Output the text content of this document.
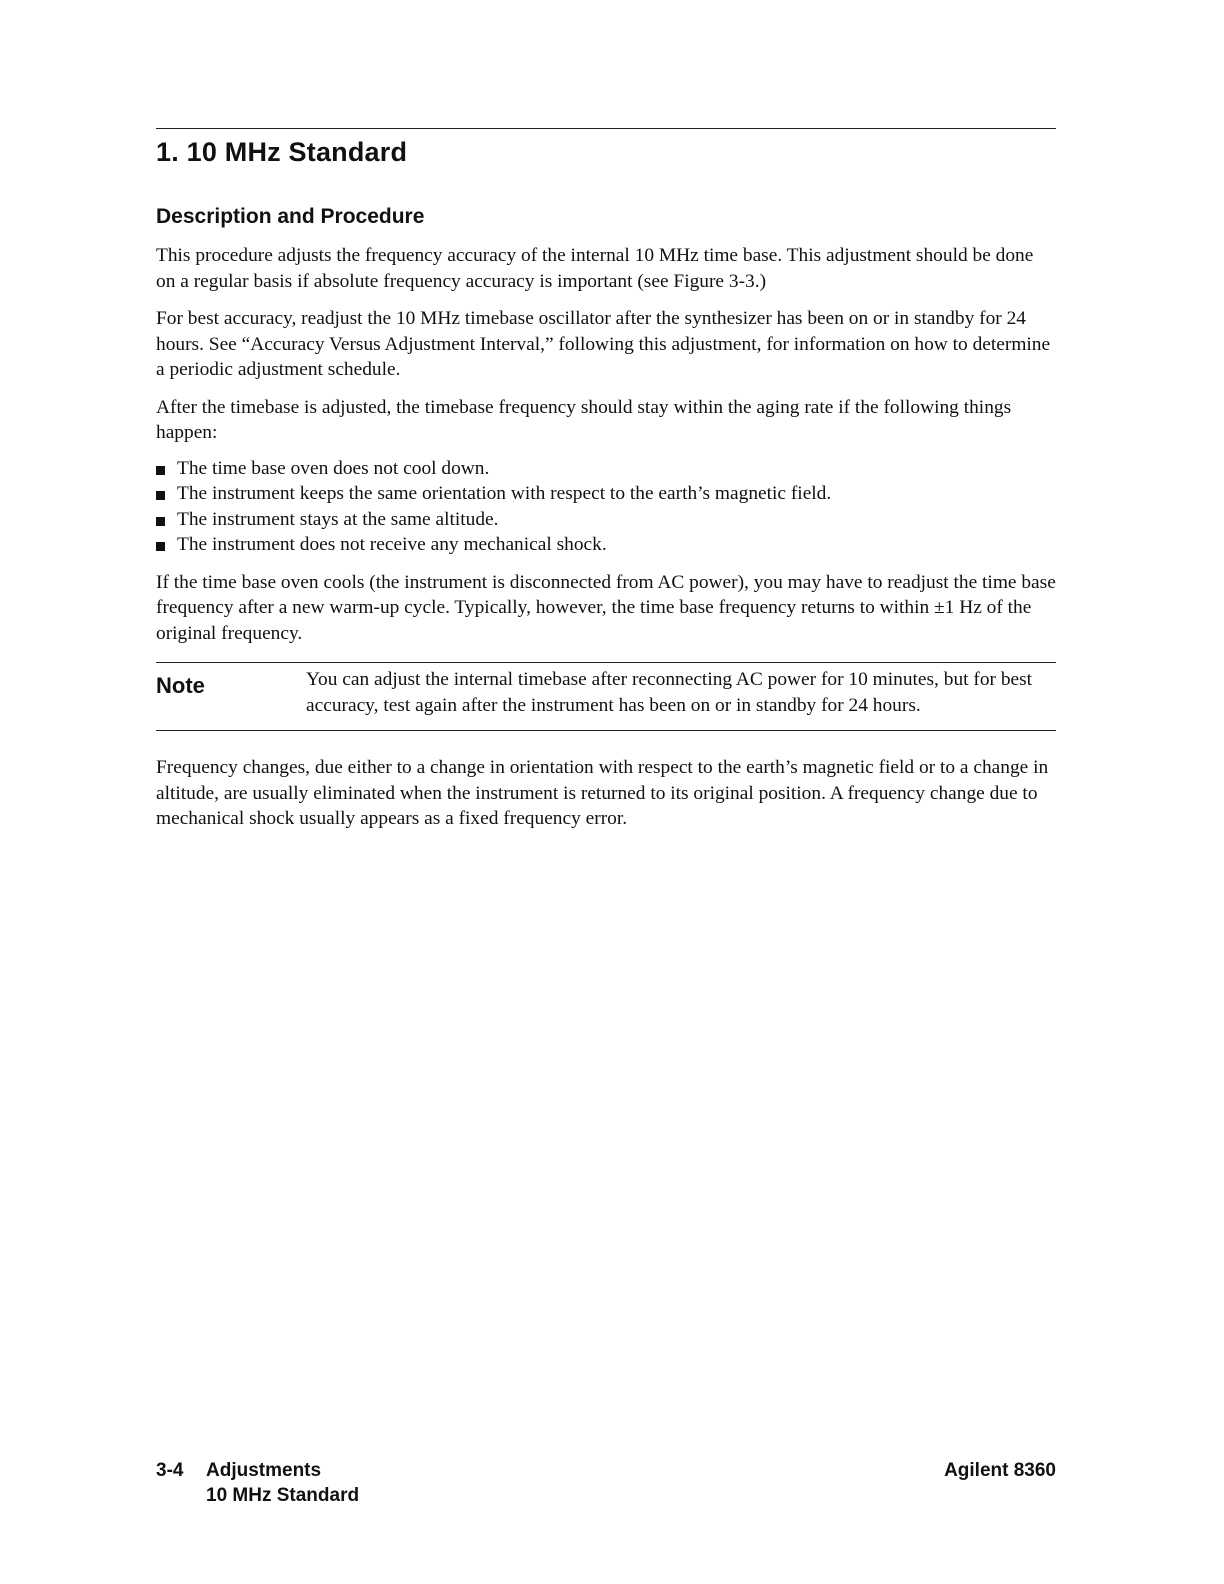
1. 10 MHz Standard
Description and Procedure

This procedure adjusts the frequency accuracy of the internal 10 MHz time base. This adjustment should be done on a regular basis if absolute frequency accuracy is important (see Figure 3-3.)

For best accuracy, readjust the 10 MHz timebase oscillator after the synthesizer has been on or in standby for 24 hours. See “Accuracy Versus Adjustment Interval,” following this adjustment, for information on how to determine a periodic adjustment schedule.

After the timebase is adjusted, the timebase frequency should stay within the aging rate if the following things happen:

The time base oven does not cool down.
The instrument keeps the same orientation with respect to the earth’s magnetic field.
The instrument stays at the same altitude.
The instrument does not receive any mechanical shock.

If the time base oven cools (the instrument is disconnected from AC power), you may have to readjust the time base frequency after a new warm-up cycle. Typically, however, the time base frequency returns to within ±1 Hz of the original frequency.

Note	You can adjust the internal timebase after reconnecting AC power for 10 minutes, but for best accuracy, test again after the instrument has been on or in standby for 24 hours.

Frequency changes, due either to a change in orientation with respect to the earth’s magnetic field or to a change in altitude, are usually eliminated when the instrument is returned to its original position. A frequency change due to mechanical shock usually appears as a fixed frequency error.

3-4 Adjustments
10 MHz Standard
Agilent 8360
